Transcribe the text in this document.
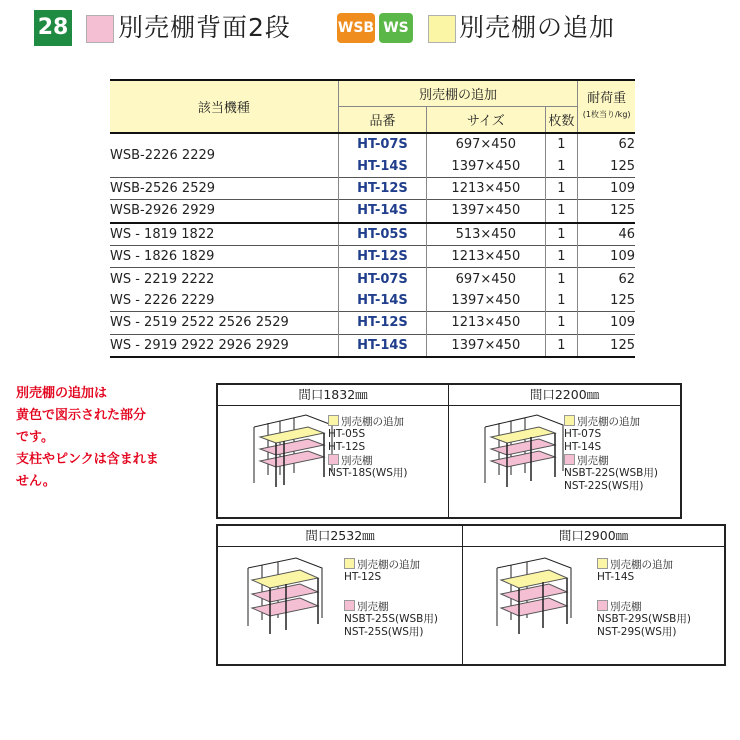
28 別売棚背面2段	WSB WS 別売棚の追加
該当機種	別売棚の追加			耐荷重
(1枚当り/kg)
	品番	サイズ	枚数	
WSB-2226 2229	HT-07S	697×450	1	62
	HT-14S	1397×450	1	125
WSB-2526 2529	HT-12S	1213×450	1	109
WSB-2926 2929	HT-14S	1397×450	1	125
WS - 1819 1822	HT-05S	513×450	1	46
WS - 1826 1829	HT-12S	1213×450	1	109
WS - 2219 2222	HT-07S	697×450	1	62
WS - 2226 2229	HT-14S	1397×450	1	125
WS - 2519 2522 2526 2529	HT-12S	1213×450	1	109
WS - 2919 2922 2926 2929	HT-14S	1397×450	1	125
別売棚の追加は
黄色で図示された部分
です。
支柱やピンクは含まれま
せん。
間口1832㎜
別売棚の追加
HT-05S
HT-12S
別売棚
NST-18S(WS用)
間口2200㎜
別売棚の追加
HT-07S
HT-14S
別売棚
NSBT-22S(WSB用)
NST-22S(WS用)
間口2532㎜
別売棚の追加
HT-12S
別売棚
NSBT-25S(WSB用)
NST-25S(WS用)
間口2900㎜
別売棚の追加
HT-14S
別売棚
NSBT-29S(WSB用)
NST-29S(WS用)
